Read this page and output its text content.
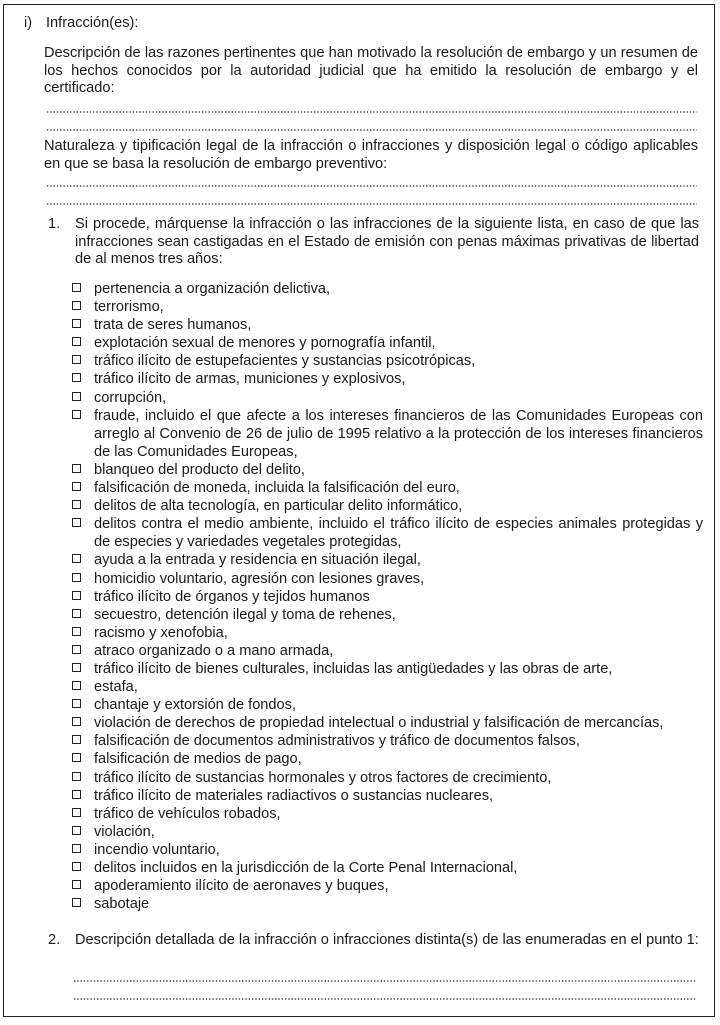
i) Infracción(es):
Descripción de las razones pertinentes que han motivado la resolución de embargo y un resumen de los hechos conocidos por la autoridad judicial que ha emitido la resolución de embargo y el certificado:
Naturaleza y tipificación legal de la infracción o infracciones y disposición legal o código aplicables en que se basa la resolución de embargo preventivo:
1. Si procede, márquense la infracción o las infracciones de la siguiente lista, en caso de que las infracciones sean castigadas en el Estado de emisión con penas máximas privativas de libertad de al menos tres años:
pertenencia a organización delictiva,
terrorismo,
trata de seres humanos,
explotación sexual de menores y pornografía infantil,
tráfico ilícito de estupefacientes y sustancias psicotrópicas,
tráfico ilícito de armas, municiones y explosivos,
corrupción,
fraude, incluido el que afecte a los intereses financieros de las Comunidades Europeas con arreglo al Convenio de 26 de julio de 1995 relativo a la protección de los intereses financieros de las Comunidades Europeas,
blanqueo del producto del delito,
falsificación de moneda, incluida la falsificación del euro,
delitos de alta tecnología, en particular delito informático,
delitos contra el medio ambiente, incluido el tráfico ilícito de especies animales protegidas y de especies y variedades vegetales protegidas,
ayuda a la entrada y residencia en situación ilegal,
homicidio voluntario, agresión con lesiones graves,
tráfico ilícito de órganos y tejidos humanos
secuestro, detención ilegal y toma de rehenes,
racismo y xenofobia,
atraco organizado o a mano armada,
tráfico ilícito de bienes culturales, incluidas las antigüedades y las obras de arte,
estafa,
chantaje y extorsión de fondos,
violación de derechos de propiedad intelectual o industrial y falsificación de mercancías,
falsificación de documentos administrativos y tráfico de documentos falsos,
falsificación de medios de pago,
tráfico ilícito de sustancias hormonales y otros factores de crecimiento,
tráfico ilícito de materiales radiactivos o sustancias nucleares,
tráfico de vehículos robados,
violación,
incendio voluntario,
delitos incluidos en la jurisdicción de la Corte Penal Internacional,
apoderamiento ilícito de aeronaves y buques,
sabotaje
2. Descripción detallada de la infracción o infracciones distinta(s) de las enumeradas en el punto 1:
